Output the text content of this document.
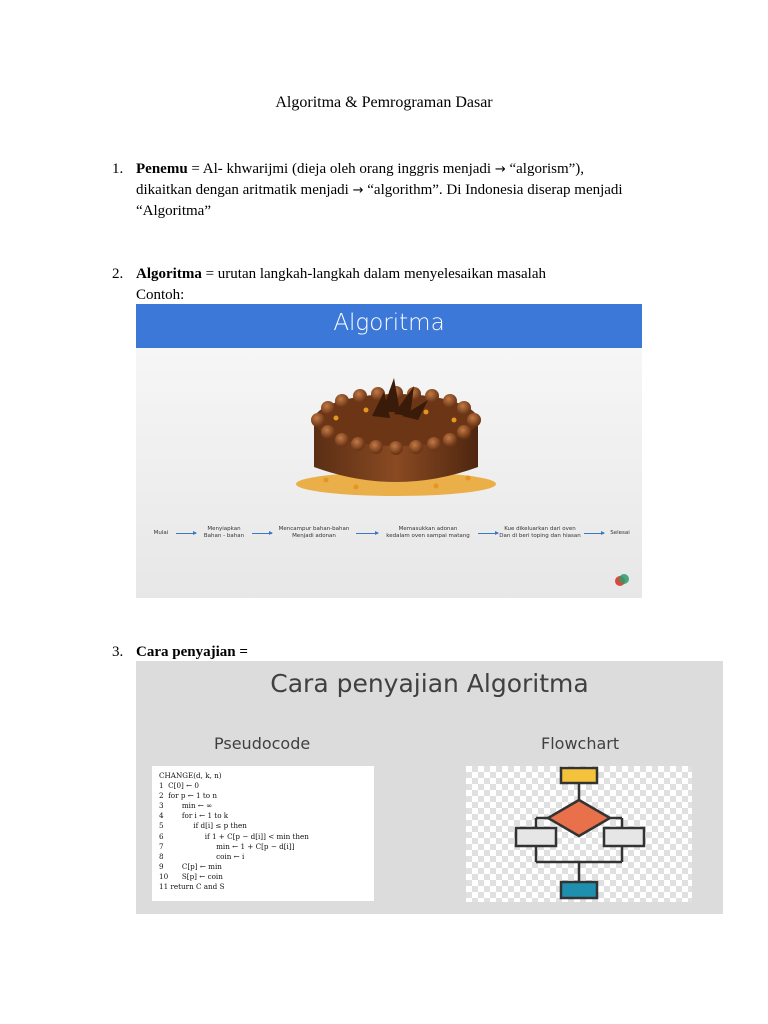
Algoritma & Pemrograman Dasar
1. Penemu = Al- khwarijmi (dieja oleh orang inggris menjadi → “algorism”),
dikaitkan dengan aritmatik menjadi → “algorithm”. Di Indonesia diserap menjadi
“Algoritma”
2. Algoritma = urutan langkah-langkah dalam menyelesaikan masalah
Contoh:
Algoritma
Mulai
Menyiapkan
Bahan - bahan
Mencampur bahan-bahan
Menjadi adonan
Memasukkan adonan
kedalam oven sampai matang
Kue dikeluarkan dari oven
Dan di beri toping dan hiasan	Selesai
3. Cara penyajian =
Cara penyajian Algoritma
Pseudocode	Flowchart
CHANGE(d, k, n)
1  C[0] ← 0
2  for p ← 1 to n
3        min ← ∞
4        for i ← 1 to k
5             if d[i] ≤ p then
6                  if 1 + C[p − d[i]] < min then
7                       min ← 1 + C[p − d[i]]
8                       coin ← i
9        C[p] ← min
10      S[p] ← coin
11 return C and S
